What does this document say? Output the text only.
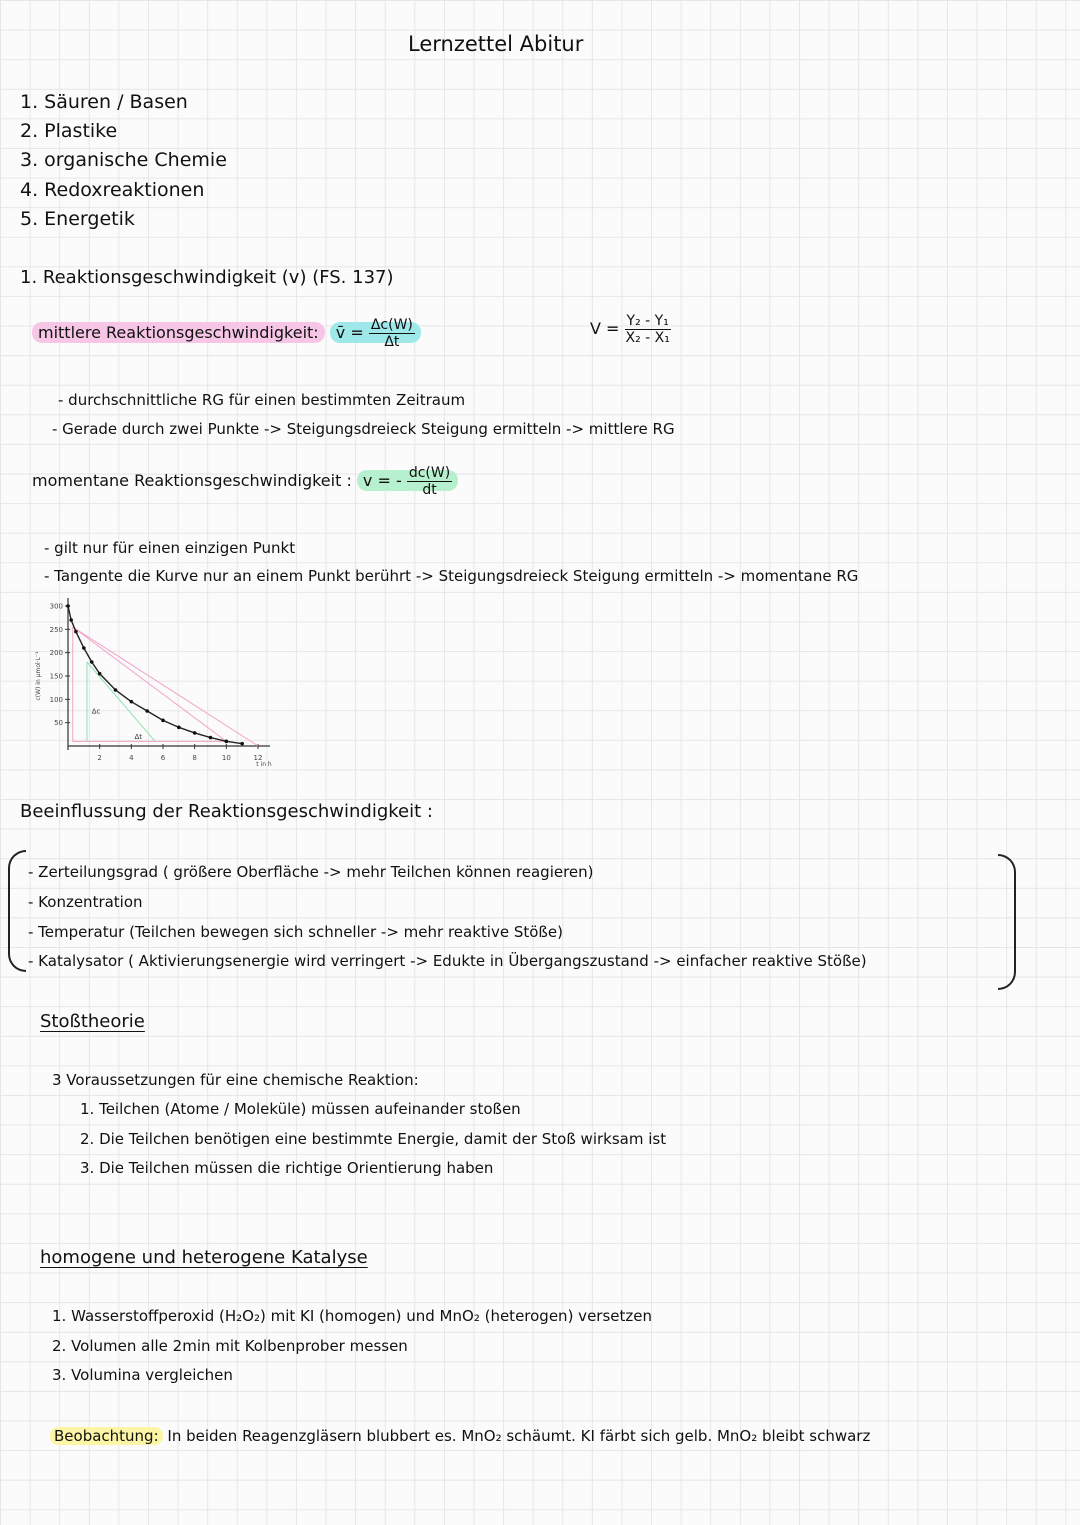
Lernzettel Abitur
1. Säuren / Basen
2. Plastike
3. organische Chemie
4. Redoxreaktionen
5. Energetik
1. Reaktionsgeschwindigkeit (v) (FS. 137)
mittlere Reaktionsgeschwindigkeit: v̄ = $\frac{\Delta c(W)}{\Delta t}$	$V = \frac{\text{Y₂ - Y₁}}{\text{X₂ - X₁}}$
- durchschnittliche RG für einen bestimmten Zeitraum
- Gerade durch zwei Punkte -> Steigungsdreieck Steigung ermitteln -> mittlere RG
momentane Reaktionsgeschwindigkeit : v = - $\frac{dc(W)}{dt}$
- gilt nur für einen einzigen Punkt
- Tangente die Kurve nur an einem Punkt berührt -> Steigungsdreieck Steigung ermitteln -> momentane RG
2	4	6	8	10	12
300
250
200
150
100
50
c(W) in µmol·L⁻¹
t in h
Δc
Δt
Beeinflussung der Reaktionsgeschwindigkeit :
- Zerteilungsgrad ( größere Oberfläche -> mehr Teilchen können reagieren)
- Konzentration
- Temperatur (Teilchen bewegen sich schneller -> mehr reaktive Stöße)
- Katalysator ( Aktivierungsenergie wird verringert -> Edukte in Übergangszustand -> einfacher reaktive Stöße)
Stoßtheorie
3 Voraussetzungen für eine chemische Reaktion:
1. Teilchen (Atome / Moleküle) müssen aufeinander stoßen
2. Die Teilchen benötigen eine bestimmte Energie, damit der Stoß wirksam ist
3. Die Teilchen müssen die richtige Orientierung haben
homogene und heterogene Katalyse
1. Wasserstoffperoxid (H₂O₂) mit KI (homogen) und MnO₂ (heterogen) versetzen
2. Volumen alle 2min mit Kolbenprober messen
3. Volumina vergleichen
Beobachtung: In beiden Reagenzgläsern blubbert es. MnO₂ schäumt. KI färbt sich gelb. MnO₂ bleibt schwarz
